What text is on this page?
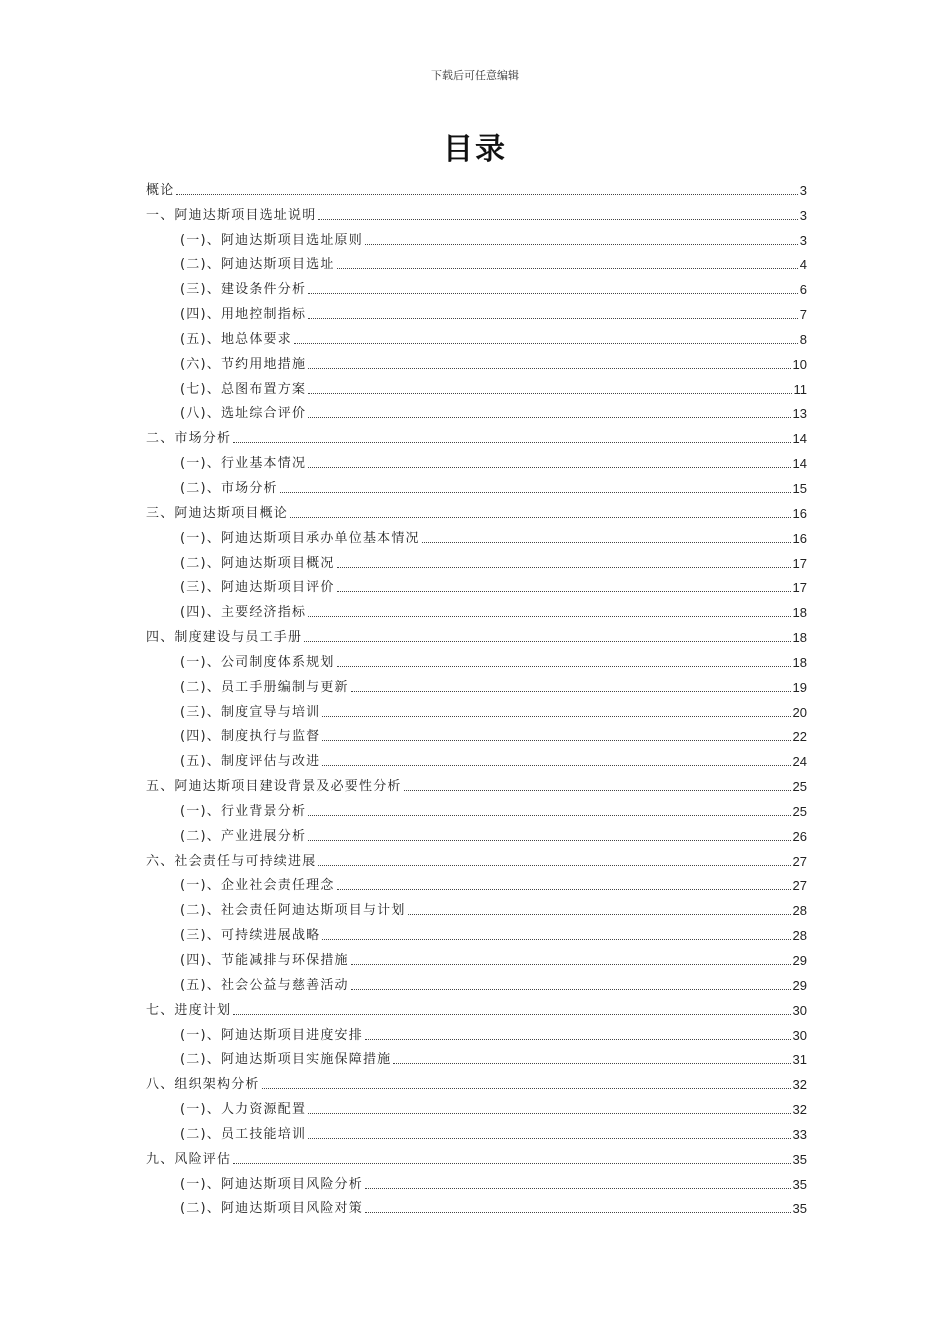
下载后可任意编辑
目录
概论	3
一、阿迪达斯项目选址说明	3
(一)、阿迪达斯项目选址原则	3
(二)、阿迪达斯项目选址	4
(三)、建设条件分析	6
(四)、用地控制指标	7
(五)、地总体要求	8
(六)、节约用地措施	10
(七)、总图布置方案	11
(八)、选址综合评价	13
二、市场分析	14
(一)、行业基本情况	14
(二)、市场分析	15
三、阿迪达斯项目概论	16
(一)、阿迪达斯项目承办单位基本情况	16
(二)、阿迪达斯项目概况	17
(三)、阿迪达斯项目评价	17
(四)、主要经济指标	18
四、制度建设与员工手册	18
(一)、公司制度体系规划	18
(二)、员工手册编制与更新	19
(三)、制度宣导与培训	20
(四)、制度执行与监督	22
(五)、制度评估与改进	24
五、阿迪达斯项目建设背景及必要性分析	25
(一)、行业背景分析	25
(二)、产业进展分析	26
六、社会责任与可持续进展	27
(一)、企业社会责任理念	27
(二)、社会责任阿迪达斯项目与计划	28
(三)、可持续进展战略	28
(四)、节能减排与环保措施	29
(五)、社会公益与慈善活动	29
七、进度计划	30
(一)、阿迪达斯项目进度安排	30
(二)、阿迪达斯项目实施保障措施	31
八、组织架构分析	32
(一)、人力资源配置	32
(二)、员工技能培训	33
九、风险评估	35
(一)、阿迪达斯项目风险分析	35
(二)、阿迪达斯项目风险对策	35
